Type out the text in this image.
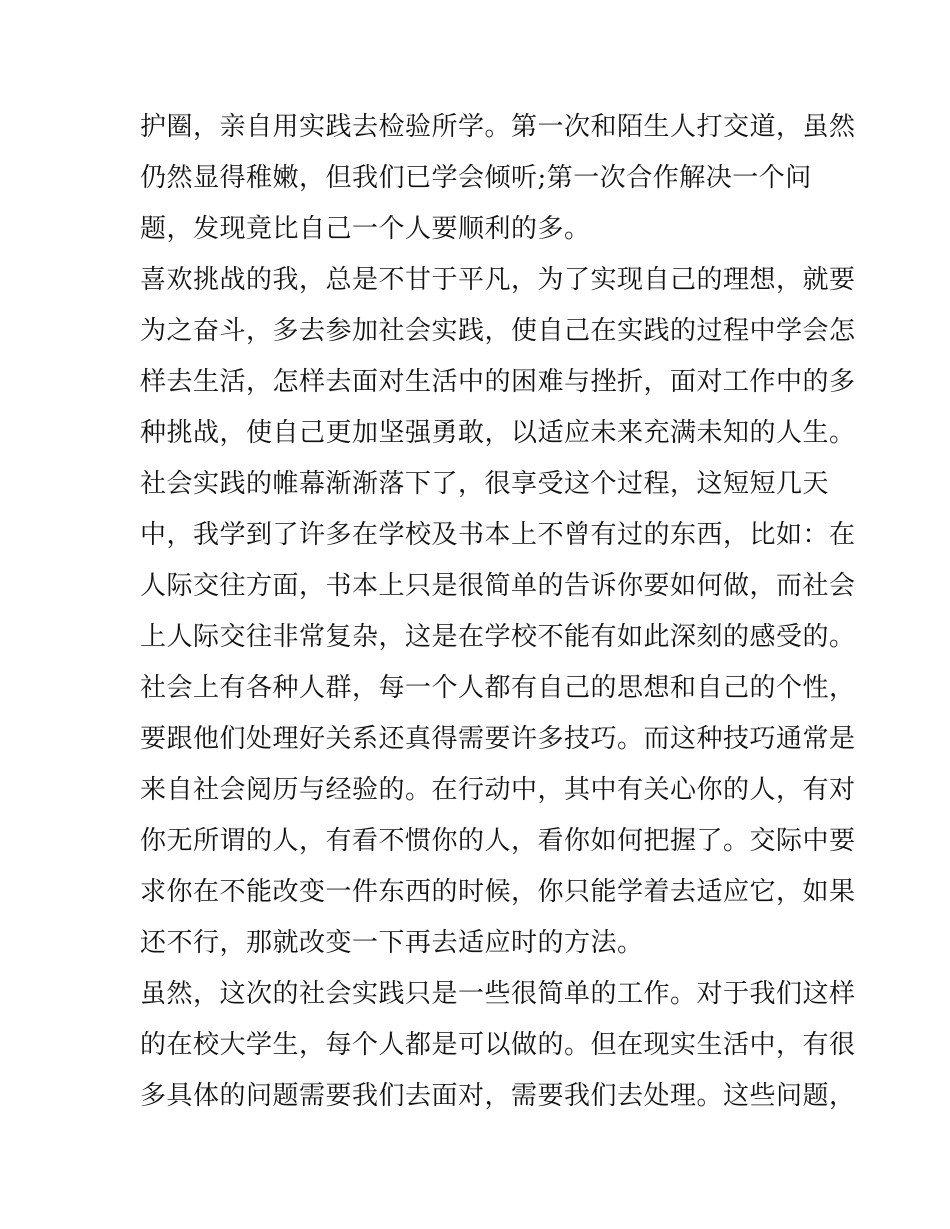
护圈，亲自用实践去检验所学。第一次和陌生人打交道，虽然
仍然显得稚嫩，但我们已学会倾听;第一次合作解决一个问
题，发现竟比自己一个人要顺利的多。
喜欢挑战的我，总是不甘于平凡，为了实现自己的理想，就要
为之奋斗，多去参加社会实践，使自己在实践的过程中学会怎
样去生活，怎样去面对生活中的困难与挫折，面对工作中的多
种挑战，使自己更加坚强勇敢，以适应未来充满未知的人生。
社会实践的帷幕渐渐落下了，很享受这个过程，这短短几天
中，我学到了许多在学校及书本上不曾有过的东西，比如：在
人际交往方面，书本上只是很简单的告诉你要如何做，而社会
上人际交往非常复杂，这是在学校不能有如此深刻的感受的。
社会上有各种人群，每一个人都有自己的思想和自己的个性，
要跟他们处理好关系还真得需要许多技巧。而这种技巧通常是
来自社会阅历与经验的。在行动中，其中有关心你的人，有对
你无所谓的人，有看不惯你的人，看你如何把握了。交际中要
求你在不能改变一件东西的时候，你只能学着去适应它，如果
还不行，那就改变一下再去适应时的方法。
虽然，这次的社会实践只是一些很简单的工作。对于我们这样
的在校大学生，每个人都是可以做的。但在现实生活中，有很
多具体的问题需要我们去面对，需要我们去处理。这些问题，
